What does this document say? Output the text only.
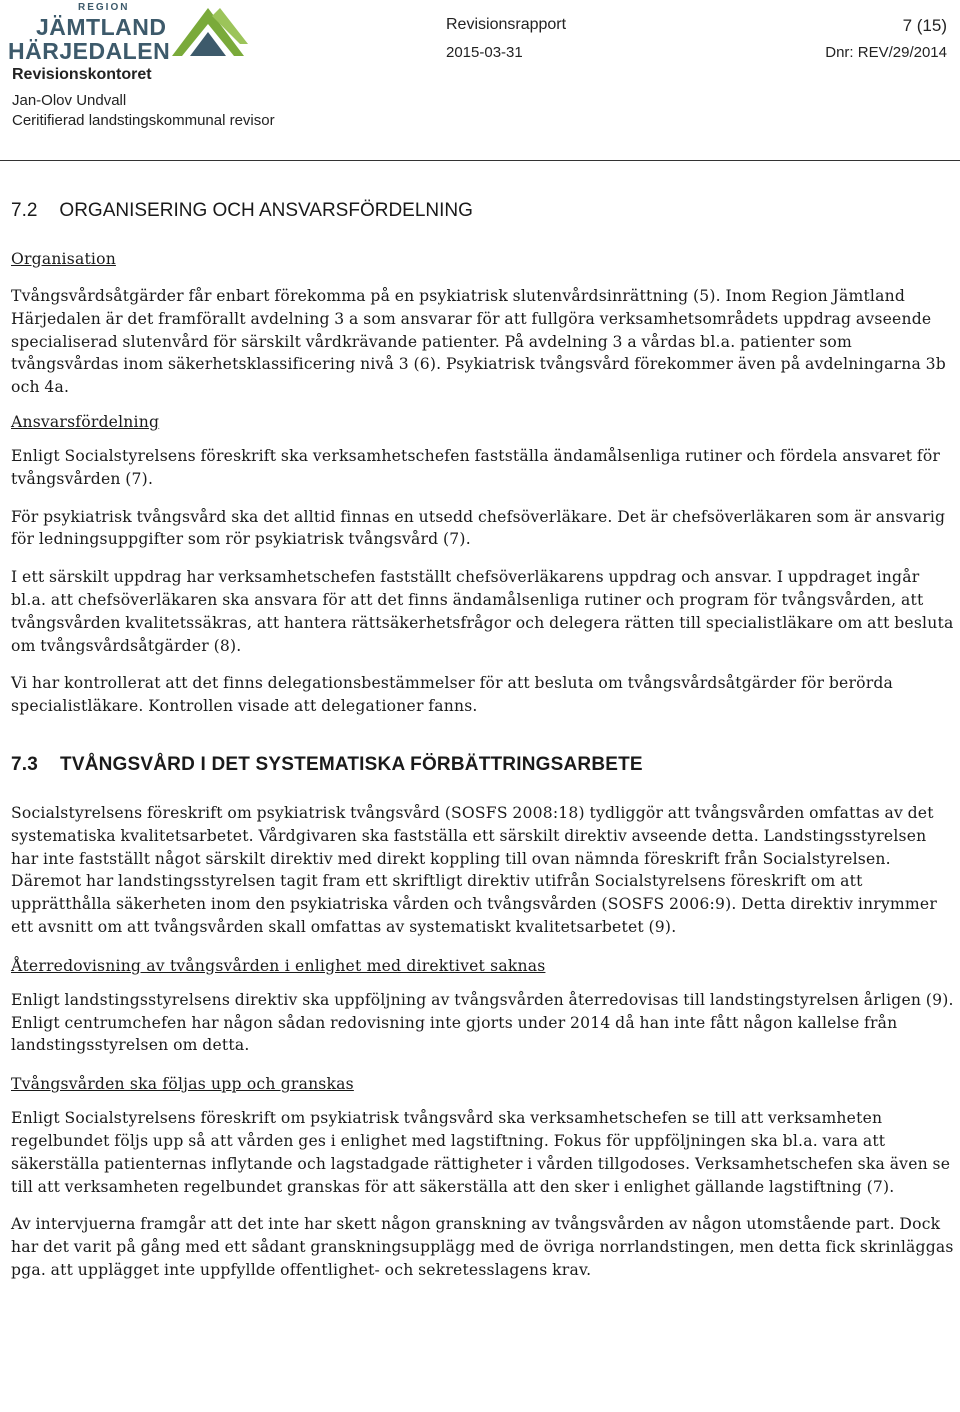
REGION
JÄMTLAND
HÄRJEDALEN
Revisionskontoret
Jan-Olov Undvall
Ceritifierad landstingskommunal revisor
Revisionsrapport	7 (15)
2015-03-31	Dnr: REV/29/2014
7.2 ORGANISERING OCH ANSVARSFÖRDELNING

Organisation

Tvångsvårdsåtgärder får enbart förekomma på en psykiatrisk slutenvårdsinrättning (5). Inom Region Jämtland Härjedalen är det framförallt avdelning 3 a som ansvarar för att fullgöra verksamhetsområdets uppdrag avseende specialiserad slutenvård för särskilt vårdkrävande patienter. På avdelning 3 a vårdas bl.a. patienter som tvångsvårdas inom säkerhetsklassificering nivå 3 (6). Psykiatrisk tvångsvård förekommer även på avdelningarna 3b och 4a.

Ansvarsfördelning

Enligt Socialstyrelsens föreskrift ska verksamhetschefen fastställa ändamålsenliga rutiner och fördela ansvaret för tvångsvården (7).

För psykiatrisk tvångsvård ska det alltid finnas en utsedd chefsöverläkare. Det är chefsöverläkaren som är ansvarig för ledningsuppgifter som rör psykiatrisk tvångsvård (7).

I ett särskilt uppdrag har verksamhetschefen fastställt chefsöverläkarens uppdrag och ansvar. I uppdraget ingår bl.a. att chefsöverläkaren ska ansvara för att det finns ändamålsenliga rutiner och program för tvångsvården, att tvångsvården kvalitetssäkras, att hantera rättsäkerhetsfrågor och delegera rätten till specialistläkare om att besluta om tvångsvårdsåtgärder (8).

Vi har kontrollerat att det finns delegationsbestämmelser för att besluta om tvångsvårdsåtgärder för berörda specialistläkare. Kontrollen visade att delegationer fanns.

7.3 TVÅNGSVÅRD I DET SYSTEMATISKA FÖRBÄTTRINGSARBETE

Socialstyrelsens föreskrift om psykiatrisk tvångsvård (SOSFS 2008:18) tydliggör att tvångsvården omfattas av det systematiska kvalitetsarbetet. Vårdgivaren ska fastställa ett särskilt direktiv avseende detta. Landstingsstyrelsen har inte fastställt något särskilt direktiv med direkt koppling till ovan nämnda föreskrift från Socialstyrelsen. Däremot har landstingsstyrelsen tagit fram ett skriftligt direktiv utifrån Socialstyrelsens föreskrift om att upprätthålla säkerheten inom den psykiatriska vården och tvångsvården (SOSFS 2006:9). Detta direktiv inrymmer ett avsnitt om att tvångsvården skall omfattas av systematiskt kvalitetsarbetet (9).

Återredovisning av tvångsvården i enlighet med direktivet saknas

Enligt landstingsstyrelsens direktiv ska uppföljning av tvångsvården återredovisas till landstingstyrelsen årligen (9). Enligt centrumchefen har någon sådan redovisning inte gjorts under 2014 då han inte fått någon kallelse från landstingsstyrelsen om detta.

Tvångsvården ska följas upp och granskas

Enligt Socialstyrelsens föreskrift om psykiatrisk tvångsvård ska verksamhetschefen se till att verksamheten regelbundet följs upp så att vården ges i enlighet med lagstiftning. Fokus för uppföljningen ska bl.a. vara att säkerställa patienternas inflytande och lagstadgade rättigheter i vården tillgodoses. Verksamhetschefen ska även se till att verksamheten regelbundet granskas för att säkerställa att den sker i enlighet gällande lagstiftning (7).

Av intervjuerna framgår att det inte har skett någon granskning av tvångsvården av någon utomstående part. Dock har det varit på gång med ett sådant granskningsupplägg med de övriga norrlandstingen, men detta fick skrinläggas pga. att upplägget inte uppfyllde offentlighet- och sekretesslagens krav.
